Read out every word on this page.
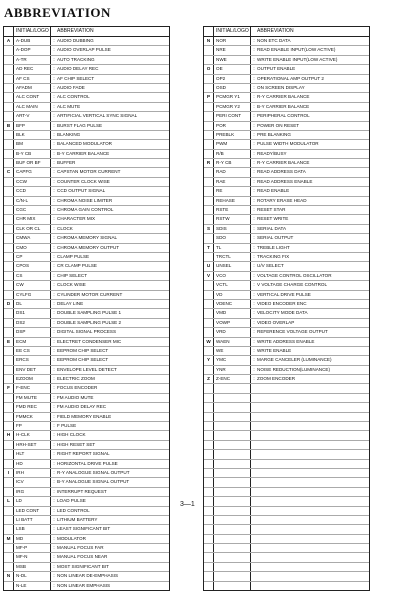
ABBREVIATION
INITIAL/LOGO	ABBREVIATION
A	A-DUB	: AUDIO DUBBING
A-DOP	: AUDIO OVERLAP PULSE
A-TR	: AUTO TRACKING
AD REC	: AUDIO DELAY REC
AF CS	: AF CHIP SELECT
AFADM	: AUDIO FADE
ALC CONT	: ALC CONTROL
ALC MAIN	: ALC MUTE
ART-V	: ARTIFICIAL VERTICAL SYNC SIGNAL
B	BFP	: BURST FLAG PULSE
BLK	: BLANKING
BM	: BALANCED MODULATOR
B-Y CB	: B-Y CARRIER BALANCE
BUF OR BF	: BUFFER
C	CAPFG	: CAPSTAN MOTOR CURRENT
CCW	: COUNTER CLOCK WISE
CCD	: CCD OUTPUT SIGNAL
C/N-L	: CHROMA NOISE LIMITER
CGC	: CHROMA GAIN CONTROL
CHR MIX	: CHARACTER MIX
CLK OR CL	: CLOCK
CMWA	: CHROMA MEMORY SIGNAL
CMO	: CHROMA MEMORY OUTPUT
CP	: CLAMP PULSE
CPOS	: CR CLAMP PULSE
CS	: CHIP SELECT
CW	: CLOCK WISE
CYLFG	: CYLINDER MOTOR CURRENT
D	DL	: DELAY LINE
DS1	: DOUBLE SAMPLING PULSE 1
DS2	: DOUBLE SAMPLING PULSE 2
DSP	: DIGITAL SIGNAL PROCESS
E	ECM	: ELECTRET CONDENSER MIC
EE CS	: EEPROM CHIP SELECT
ERCS	: EEPROM CHIP SELECT
ENV DET	: ENVELOPE LEVEL DETECT
EZOOM	: ELECTRIC ZOOM
F	F-ENC	: FOCUS ENCODER
FM MUTE	: FM AUDIO MUTE
FMD REC	: FM AUDIO DELAY REC
FMMCK	: FIELD MEMORY ENABLE
FP	: F PULSE
H	H-CLK	: HIGH CLOCK
HRH-SET	: HIGH RESET SET
HLT	: RIGHT REPORT SIGNAL
HD	: HORIZONTAL DRIVE PULSE
I	IRH	: R-Y ANALOGUE SIGNAL OUTPUT
ICV	: B-Y ANALOGUE SIGNAL OUTPUT
IRG	: INTERRUPT REQUEST
L	LD	: LOAD PULSE
LED CONT	: LED CONTROL
LI BATT	: LITHIUM BATTERY
LSB	: LEAST SIGNIFICANT BIT
M	MD	: MODULATOR
MF-P	: MANUAL FOCUS FAR
MF-N	: MANUAL FOCUS NEAR
MSB	: MOST SIGNIFICANT BIT
N	N-DL	: NON LINEAR DE-EMPHASIS
N-LE	: NON LINEAR EMPHASIS
INITIAL/LOGO	ABBREVIATION
N	NOR	: NON ETC DATA
NRE	: READ ENABLE INPUT(LOW ACTIVE)
NWE	: WRITE ENABLE INPUT(LOW ACTIVE)
O	OE	: OUTPUT ENABLE
OP2	: OPERATIONAL AMP OUTPUT 2
OSD	: ON SCREEN DISPLAY
P	PCMGR Y1	: R-Y CARRIER BALANCE
PCMGR Y2	: B-Y CARRIER BALANCE
PERI CONT	: PERIPHERAL CONTROL
POR	: POWER ON RESET
PREBLK	: PRE BLANKING
PWM	: PULSE WIDTH MODULATOR
R/B	: READY/BUSY
R	R-Y CB	: R-Y CARRIER BALANCE
RAD	: READ ADDRESS DATA
RAE	: READ ADDRESS ENABLE
RE	: READ ENABLE
REHASE	: ROTARY ERASE HEAD
RSTE	: RESET STAR
RSTW	: RESET WRITE
S	SDIS	: SERIAL DATA
SDO	: SERIAL OUTPUT
T	TL	: TREBLE LIGHT
TRCTL	: TRACKING FIX
U	UNSEL	: U/V SELECT
V	VCO	: VOLTAGE CONTROL OSCILLATOR
VCTL	: V VOLTAGE CHARGE CONTROL
VD	: VERTICAL DRIVE PULSE
VDENC	: VIDEO ENCODER ENC
VMD	: VELOCITY MODE DATA
VOWP	: VIDEO OVERLAP
VRD	: REFERENCE VOLTAGE OUTPUT
W	WAEN	: WRITE ADDRESS ENABLE
WE	: WRITE ENABLE
Y	YMC	: MARGE CANCELER (LUMINANCE)
YNR	: NOISE REDUCTION(LUMINANCE)
Z	Z-ENC	: ZOOM ENCODER
3—1
